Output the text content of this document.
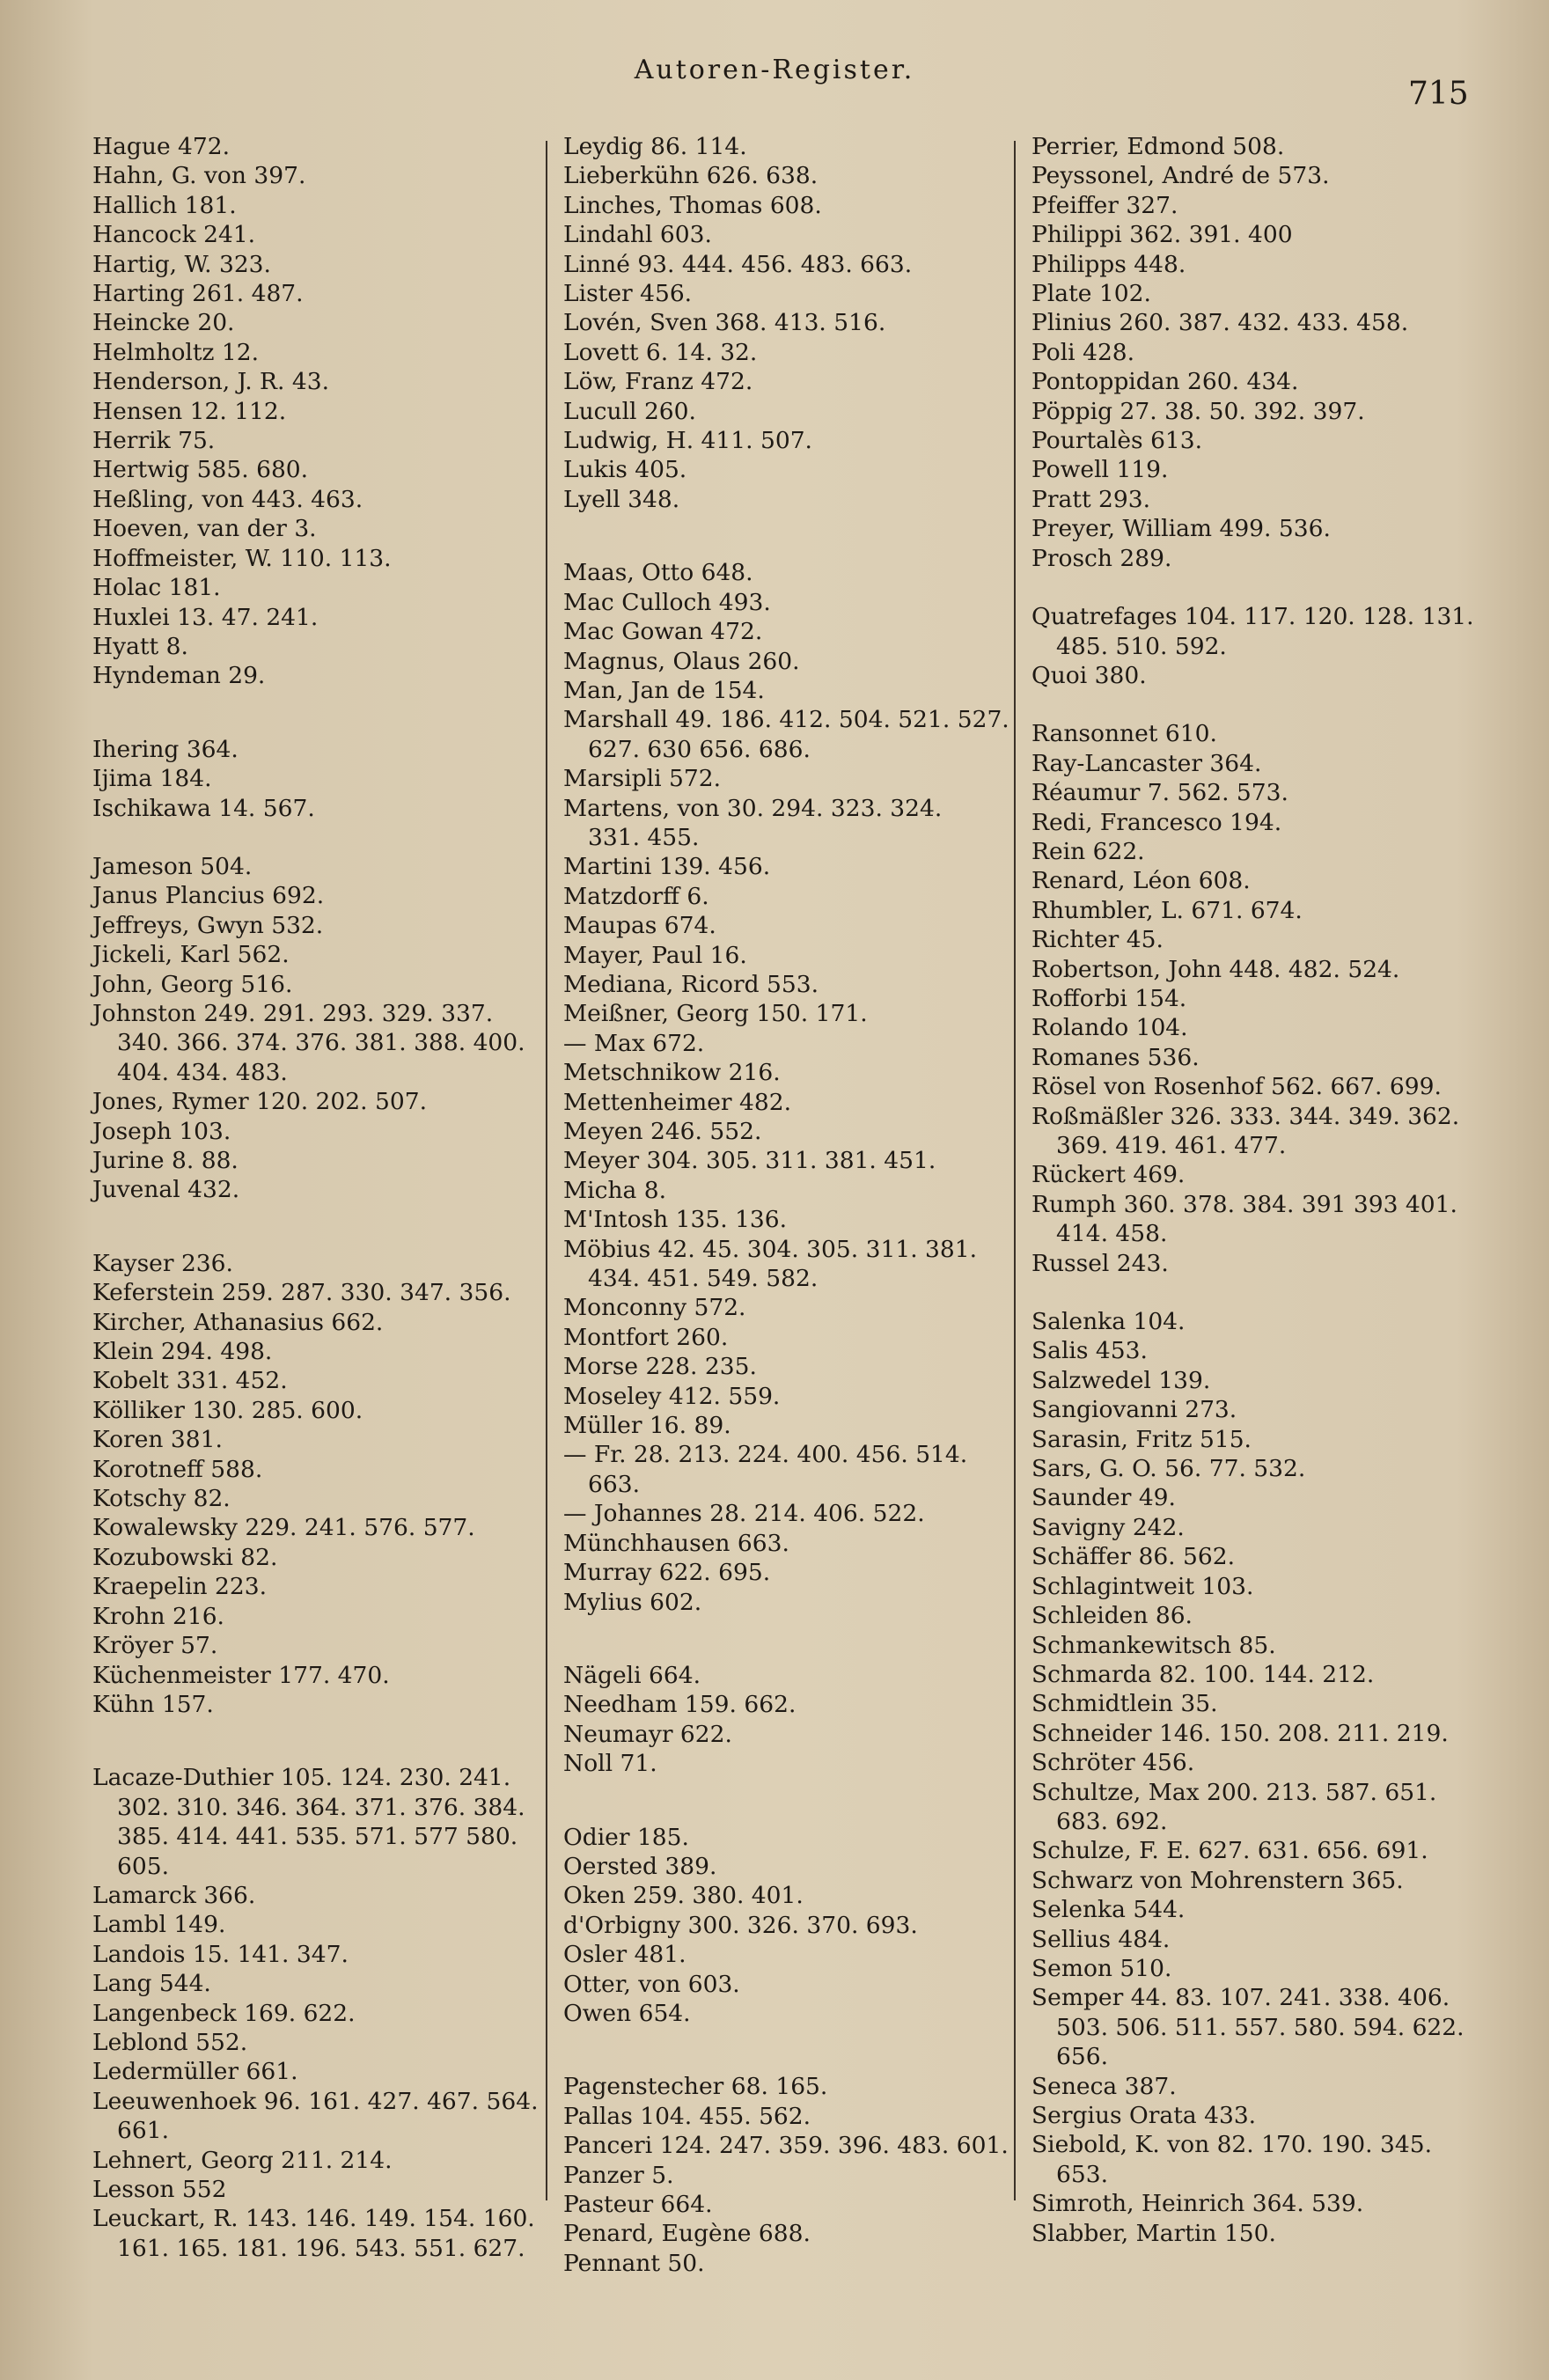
Autoren-Register.
715
Hague 472.
Hahn, G. von 397.
Hallich 181.
Hancock 241.
Hartig, W. 323.
Harting 261. 487.
Heincke 20.
Helmholtz 12.
Henderson, J. R. 43.
Hensen 12. 112.
Herrik 75.
Hertwig 585. 680.
Heßling, von 443. 463.
Hoeven, van der 3.
Hoffmeister, W. 110. 113.
Holac 181.
Huxlei 13. 47. 241.
Hyatt 8.
Hyndeman 29.
Ihering 364.
Ijima 184.
Ischikawa 14. 567.
Jameson 504.
Janus Plancius 692.
Jeffreys, Gwyn 532.
Jickeli, Karl 562.
John, Georg 516.
Johnston 249. 291. 293. 329. 337.
340. 366. 374. 376. 381. 388. 400.
404. 434. 483.
Jones, Rymer 120. 202. 507.
Joseph 103.
Jurine 8. 88.
Juvenal 432.
Kayser 236.
Keferstein 259. 287. 330. 347. 356.
Kircher, Athanasius 662.
Klein 294. 498.
Kobelt 331. 452.
Kölliker 130. 285. 600.
Koren 381.
Korotneff 588.
Kotschy 82.
Kowalewsky 229. 241. 576. 577.
Kozubowski 82.
Kraepelin 223.
Krohn 216.
Kröyer 57.
Küchenmeister 177. 470.
Kühn 157.
Lacaze-Duthier 105. 124. 230. 241.
302. 310. 346. 364. 371. 376. 384.
385. 414. 441. 535. 571. 577 580.
605.
Lamarck 366.
Lambl 149.
Landois 15. 141. 347.
Lang 544.
Langenbeck 169. 622.
Leblond 552.
Ledermüller 661.
Leeuwenhoek 96. 161. 427. 467. 564.
661.
Lehnert, Georg 211. 214.
Lesson 552
Leuckart, R. 143. 146. 149. 154. 160.
161. 165. 181. 196. 543. 551. 627.
Leydig 86. 114.
Lieberkühn 626. 638.
Linches, Thomas 608.
Lindahl 603.
Linné 93. 444. 456. 483. 663.
Lister 456.
Lovén, Sven 368. 413. 516.
Lovett 6. 14. 32.
Löw, Franz 472.
Lucull 260.
Ludwig, H. 411. 507.
Lukis 405.
Lyell 348.
Maas, Otto 648.
Mac Culloch 493.
Mac Gowan 472.
Magnus, Olaus 260.
Man, Jan de 154.
Marshall 49. 186. 412. 504. 521. 527.
627. 630 656. 686.
Marsipli 572.
Martens, von 30. 294. 323. 324.
331. 455.
Martini 139. 456.
Matzdorff 6.
Maupas 674.
Mayer, Paul 16.
Mediana, Ricord 553.
Meißner, Georg 150. 171.
— Max 672.
Metschnikow 216.
Mettenheimer 482.
Meyen 246. 552.
Meyer 304. 305. 311. 381. 451.
Micha 8.
M'Intosh 135. 136.
Möbius 42. 45. 304. 305. 311. 381.
434. 451. 549. 582.
Monconny 572.
Montfort 260.
Morse 228. 235.
Moseley 412. 559.
Müller 16. 89.
— Fr. 28. 213. 224. 400. 456. 514.
663.
— Johannes 28. 214. 406. 522.
Münchhausen 663.
Murray 622. 695.
Mylius 602.
Nägeli 664.
Needham 159. 662.
Neumayr 622.
Noll 71.
Odier 185.
Oersted 389.
Oken 259. 380. 401.
d'Orbigny 300. 326. 370. 693.
Osler 481.
Otter, von 603.
Owen 654.
Pagenstecher 68. 165.
Pallas 104. 455. 562.
Panceri 124. 247. 359. 396. 483. 601.
Panzer 5.
Pasteur 664.
Penard, Eugène 688.
Pennant 50.
Perrier, Edmond 508.
Peyssonel, André de 573.
Pfeiffer 327.
Philippi 362. 391. 400
Philipps 448.
Plate 102.
Plinius 260. 387. 432. 433. 458.
Poli 428.
Pontoppidan 260. 434.
Pöppig 27. 38. 50. 392. 397.
Pourtalès 613.
Powell 119.
Pratt 293.
Preyer, William 499. 536.
Prosch 289.
Quatrefages 104. 117. 120. 128. 131.
485. 510. 592.
Quoi 380.
Ransonnet 610.
Ray-Lancaster 364.
Réaumur 7. 562. 573.
Redi, Francesco 194.
Rein 622.
Renard, Léon 608.
Rhumbler, L. 671. 674.
Richter 45.
Robertson, John 448. 482. 524.
Rofforbi 154.
Rolando 104.
Romanes 536.
Rösel von Rosenhof 562. 667. 699.
Roßmäßler 326. 333. 344. 349. 362.
369. 419. 461. 477.
Rückert 469.
Rumph 360. 378. 384. 391 393 401.
414. 458.
Russel 243.
Salenka 104.
Salis 453.
Salzwedel 139.
Sangiovanni 273.
Sarasin, Fritz 515.
Sars, G. O. 56. 77. 532.
Saunder 49.
Savigny 242.
Schäffer 86. 562.
Schlagintweit 103.
Schleiden 86.
Schmankewitsch 85.
Schmarda 82. 100. 144. 212.
Schmidtlein 35.
Schneider 146. 150. 208. 211. 219.
Schröter 456.
Schultze, Max 200. 213. 587. 651.
683. 692.
Schulze, F. E. 627. 631. 656. 691.
Schwarz von Mohrenstern 365.
Selenka 544.
Sellius 484.
Semon 510.
Semper 44. 83. 107. 241. 338. 406.
503. 506. 511. 557. 580. 594. 622.
656.
Seneca 387.
Sergius Orata 433.
Siebold, K. von 82. 170. 190. 345.
653.
Simroth, Heinrich 364. 539.
Slabber, Martin 150.
